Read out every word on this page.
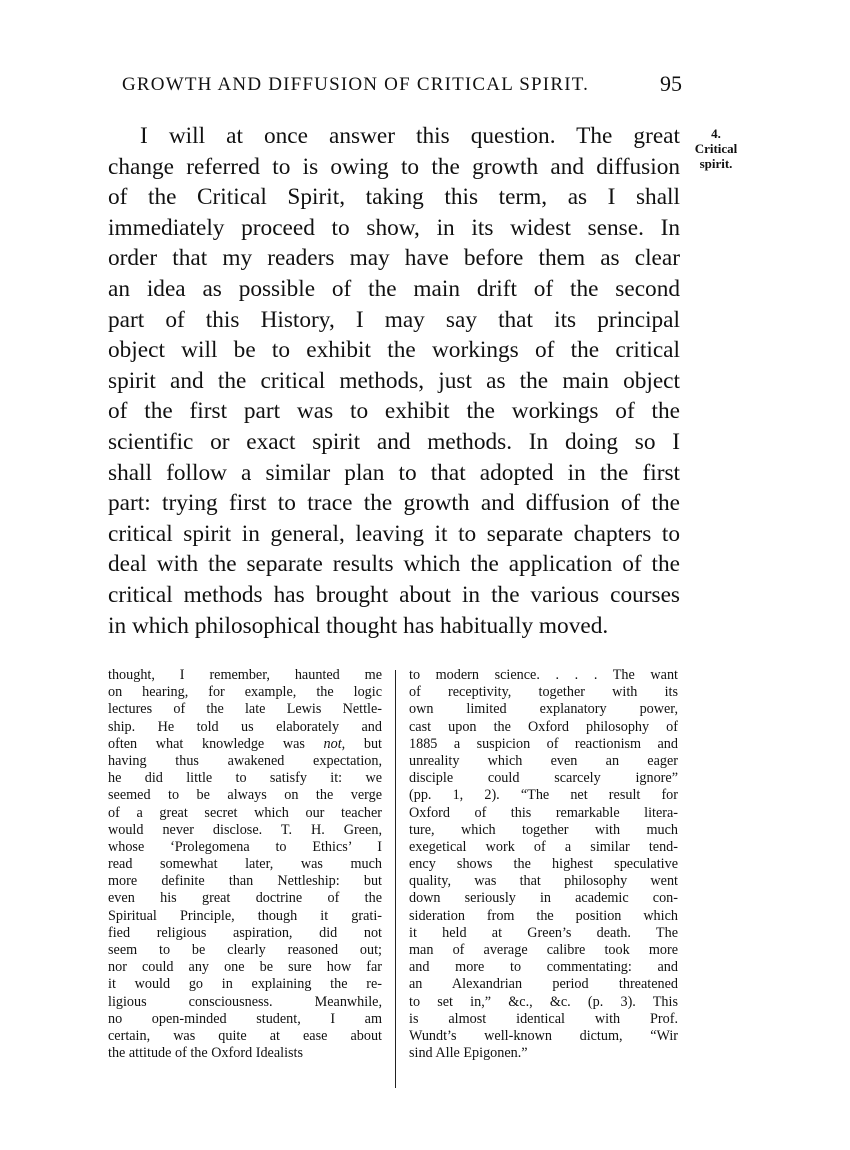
GROWTH AND DIFFUSION OF CRITICAL SPIRIT.	95
4.
Critical
spirit.
I will at once answer this question. The great
change referred to is owing to the growth and diffusion
of the Critical Spirit, taking this term, as I shall
immediately proceed to show, in its widest sense. In
order that my readers may have before them as clear
an idea as possible of the main drift of the second
part of this History, I may say that its principal
object will be to exhibit the workings of the critical
spirit and the critical methods, just as the main object
of the first part was to exhibit the workings of the
scientific or exact spirit and methods. In doing so I
shall follow a similar plan to that adopted in the first
part: trying first to trace the growth and diffusion of the
critical spirit in general, leaving it to separate chapters to
deal with the separate results which the application of the
critical methods has brought about in the various courses
in which philosophical thought has habitually moved.
thought, I remember, haunted me
on hearing, for example, the logic
lectures of the late Lewis Nettle-
ship. He told us elaborately and
often what knowledge was not, but
having thus awakened expectation,
he did little to satisfy it: we
seemed to be always on the verge
of a great secret which our teacher
would never disclose. T. H. Green,
whose ‘Prolegomena to Ethics’ I
read somewhat later, was much
more definite than Nettleship: but
even his great doctrine of the
Spiritual Principle, though it grati-
fied religious aspiration, did not
seem to be clearly reasoned out;
nor could any one be sure how far
it would go in explaining the re-
ligious consciousness. Meanwhile,
no open-minded student, I am
certain, was quite at ease about
the attitude of the Oxford Idealists
to modern science. . . . The want
of receptivity, together with its
own limited explanatory power,
cast upon the Oxford philosophy of
1885 a suspicion of reactionism and
unreality which even an eager
disciple could scarcely ignore”
(pp. 1, 2). “The net result for
Oxford of this remarkable litera-
ture, which together with much
exegetical work of a similar tend-
ency shows the highest speculative
quality, was that philosophy went
down seriously in academic con-
sideration from the position which
it held at Green’s death. The
man of average calibre took more
and more to commentating: and
an Alexandrian period threatened
to set in,” &c., &c. (p. 3). This
is almost identical with Prof.
Wundt’s well-known dictum, “Wir
sind Alle Epigonen.”
